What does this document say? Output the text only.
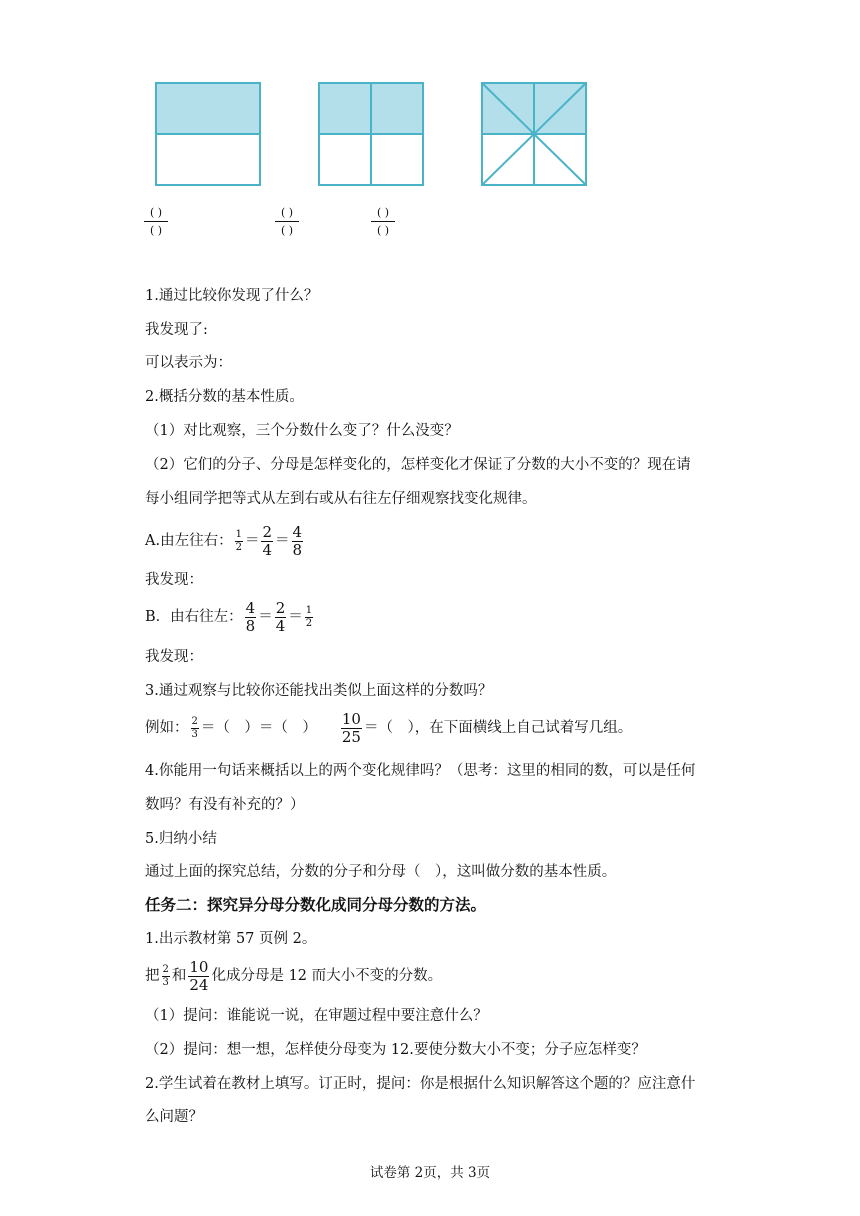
( )
( )
( )
( )
( )
( )
1.通过比较你发现了什么？
我发现了:
可以表示为：
2.概括分数的基本性质。
（1）对比观察，三个分数什么变了？什么没变？
（2）它们的分子、分母是怎样变化的，怎样变化才保证了分数的大小不变的？现在请
每小组同学把等式从左到右或从右往左仔细观察找变化规律。
A.由左往右： $\frac{1}{2} = \frac{2}{4} = \frac{4}{8}$
我发现：
B．由右往左： $\frac{4}{8} = \frac{2}{4} = \frac{1}{2}$
我发现：
3.通过观察与比较你还能找出类似上面这样的分数吗？
例如： $\frac{2}{3}$ ＝（　）＝（　） $\frac{10}{25}$ ＝（　），在下面横线上自己试着写几组。
4.你能用一句话来概括以上的两个变化规律吗？（思考：这里的相同的数，可以是任何
数吗？有没有补充的？）
5.归纳小结
通过上面的探究总结，分数的分子和分母（　），这叫做分数的基本性质。
任务二：探究异分母分数化成同分母分数的方法。
1.出示教材第 57 页例 2。
把 $\frac{2}{3}$ 和 $\frac{10}{24}$ 化成分母是 12 而大小不变的分数。
（1）提问：谁能说一说，在审题过程中要注意什么？
（2）提问：想一想，怎样使分母变为 12.要使分数大小不变；分子应怎样变？
2.学生试着在教材上填写。订正时，提问：你是根据什么知识解答这个题的？应注意什
么问题？
试卷第 2页，共 3页
